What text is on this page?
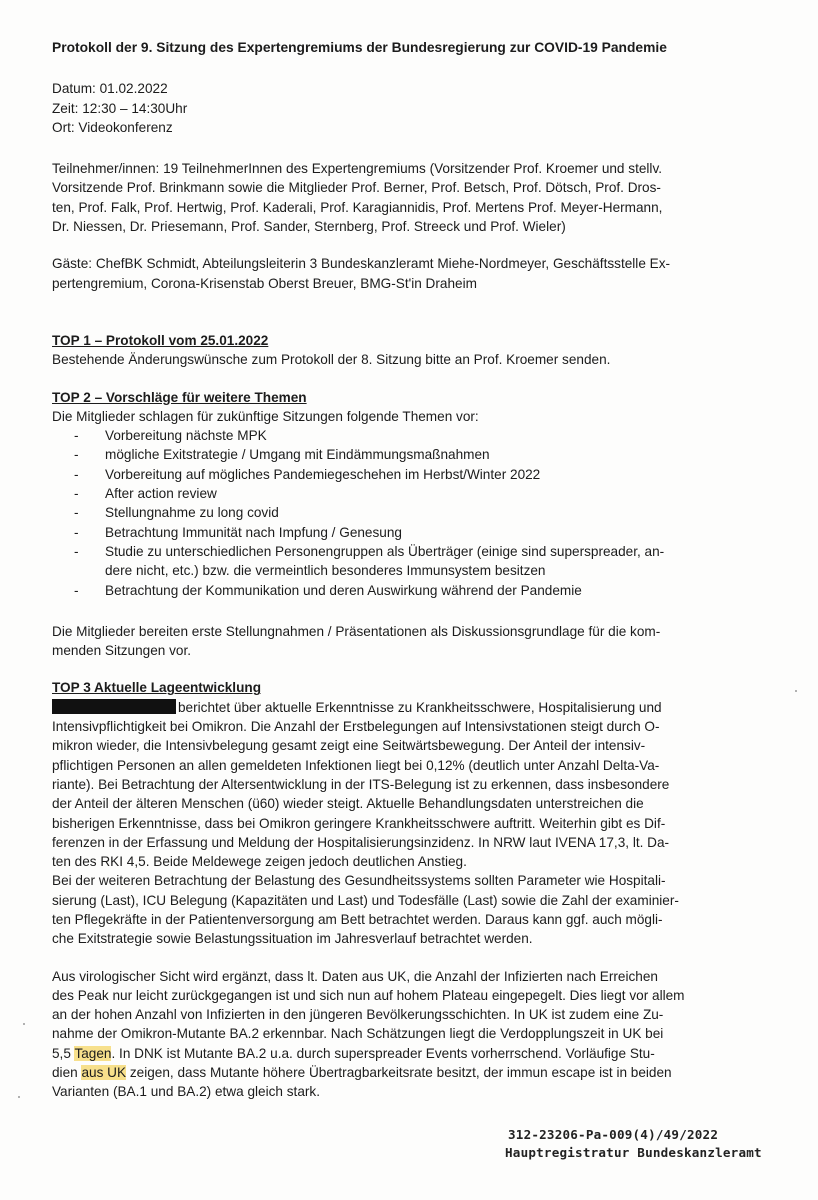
Protokoll der 9. Sitzung des Expertengremiums der Bundesregierung zur COVID-19 Pandemie

Datum: 01.02.2022
Zeit: 12:30 – 14:30Uhr
Ort: Videokonferenz
Teilnehmer/innen: 19 TeilnehmerInnen des Expertengremiums (Vorsitzender Prof. Kroemer und stellv.
Vorsitzende Prof. Brinkmann sowie die Mitglieder Prof. Berner, Prof. Betsch, Prof. Dötsch, Prof. Dros-
ten, Prof. Falk, Prof. Hertwig, Prof. Kaderali, Prof. Karagiannidis, Prof. Mertens Prof. Meyer-Hermann,
Dr. Niessen, Dr. Priesemann, Prof. Sander, Sternberg, Prof. Streeck und Prof. Wieler)
Gäste: ChefBK Schmidt, Abteilungsleiterin 3 Bundeskanzleramt Miehe-Nordmeyer, Geschäftsstelle Ex-
pertengremium, Corona-Krisenstab Oberst Breuer, BMG-St'in Draheim
TOP 1 – Protokoll vom 25.01.2022
Bestehende Änderungswünsche zum Protokoll der 8. Sitzung bitte an Prof. Kroemer senden.
TOP 2 – Vorschläge für weitere Themen
Die Mitglieder schlagen für zukünftige Sitzungen folgende Themen vor:
- Vorbereitung nächste MPK
- mögliche Exitstrategie / Umgang mit Eindämmungsmaßnahmen
- Vorbereitung auf mögliches Pandemiegeschehen im Herbst/Winter 2022
- After action review
- Stellungnahme zu long covid
- Betrachtung Immunität nach Impfung / Genesung
- Studie zu unterschiedlichen Personengruppen als Überträger (einige sind superspreader, an-
dere nicht, etc.) bzw. die vermeintlich besonderes Immunsystem besitzen
- Betrachtung der Kommunikation und deren Auswirkung während der Pandemie
Die Mitglieder bereiten erste Stellungnahmen / Präsentationen als Diskussionsgrundlage für die kom-
menden Sitzungen vor.
TOP 3 Aktuelle Lageentwicklung
berichtet über aktuelle Erkenntnisse zu Krankheitsschwere, Hospitalisierung und
Intensivpflichtigkeit bei Omikron. Die Anzahl der Erstbelegungen auf Intensivstationen steigt durch O-
mikron wieder, die Intensivbelegung gesamt zeigt eine Seitwärtsbewegung. Der Anteil der intensiv-
pflichtigen Personen an allen gemeldeten Infektionen liegt bei 0,12% (deutlich unter Anzahl Delta-Va-
riante). Bei Betrachtung der Altersentwicklung in der ITS-Belegung ist zu erkennen, dass insbesondere
der Anteil der älteren Menschen (ü60) wieder steigt. Aktuelle Behandlungsdaten unterstreichen die
bisherigen Erkenntnisse, dass bei Omikron geringere Krankheitsschwere auftritt. Weiterhin gibt es Dif-
ferenzen in der Erfassung und Meldung der Hospitalisierungsinzidenz. In NRW laut IVENA 17,3, lt. Da-
ten des RKI 4,5. Beide Meldewege zeigen jedoch deutlichen Anstieg.
Bei der weiteren Betrachtung der Belastung des Gesundheitssystems sollten Parameter wie Hospitali-
sierung (Last), ICU Belegung (Kapazitäten und Last) und Todesfälle (Last) sowie die Zahl der examinier-
ten Pflegekräfte in der Patientenversorgung am Bett betrachtet werden. Daraus kann ggf. auch mögli-
che Exitstrategie sowie Belastungssituation im Jahresverlauf betrachtet werden.
Aus virologischer Sicht wird ergänzt, dass lt. Daten aus UK, die Anzahl der Infizierten nach Erreichen
des Peak nur leicht zurückgegangen ist und sich nun auf hohem Plateau eingepegelt. Dies liegt vor allem
an der hohen Anzahl von Infizierten in den jüngeren Bevölkerungsschichten. In UK ist zudem eine Zu-
nahme der Omikron-Mutante BA.2 erkennbar. Nach Schätzungen liegt die Verdopplungszeit in UK bei
5,5 Tagen. In DNK ist Mutante BA.2 u.a. durch superspreader Events vorherrschend. Vorläufige Stu-
dien aus UK zeigen, dass Mutante höhere Übertragbarkeitsrate besitzt, der immun escape ist in beiden
Varianten (BA.1 und BA.2) etwa gleich stark.
312-23206-Pa-009(4)/49/2022
Hauptregistratur Bundeskanzleramt
